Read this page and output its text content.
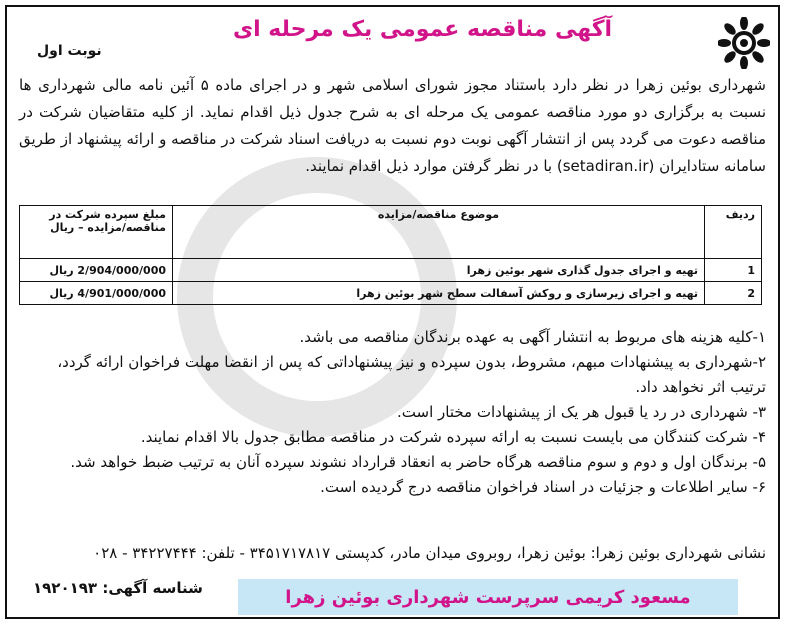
آگهی مناقصه عمومی یک مرحله ای
نوبت اول
شهرداری بوئین زهرا در نظر دارد باستناد مجوز شورای اسلامی شهر و در اجرای ماده ۵ آئین نامه مالی شهرداری ها نسبت به برگزاری دو مورد مناقصه عمومی یک مرحله ای به شرح جدول ذیل اقدام نماید. از کلیه متقاضیان شرکت در مناقصه دعوت می گردد پس از انتشار آگهی نوبت دوم نسبت به دریافت اسناد شرکت در مناقصه و ارائه پیشنهاد از طریق سامانه ستادایران (setadiran.ir) با در نظر گرفتن موارد ذیل اقدام نمایند.
ردیف	موضوع مناقصه/مزایده	مبلغ سپرده شرکت در مناقصه/مزایده – ریال
1	تهیه و اجرای جدول گذاری شهر بوئین زهرا	2/904/000/000 ریال
2	تهیه و اجرای زیرسازی و روکش آسفالت سطح شهر بوئین زهرا	4/901/000/000 ریال
۱-کلیه هزینه های مربوط به انتشار آگهی به عهده برندگان مناقصه می باشد.
۲-شهرداری به پیشنهادات مبهم، مشروط، بدون سپرده و نیز پیشنهاداتی که پس از انقضا مهلت فراخوان ارائه گردد، ترتیب اثر نخواهد داد.
۳- شهرداری در رد یا قبول هر یک از پیشنهادات مختار است.
۴- شرکت کنندگان می بایست نسبت به ارائه سپرده شرکت در مناقصه مطابق جدول بالا اقدام نمایند.
۵- برندگان اول و دوم و سوم مناقصه هرگاه حاضر به انعقاد قرارداد نشوند سپرده آنان به ترتیب ضبط خواهد شد.
۶- سایر اطلاعات و جزئیات در اسناد فراخوان مناقصه درج گردیده است.
نشانی شهرداری بوئین زهرا: بوئین زهرا، روبروی میدان مادر، کدپستی ۳۴۵۱۷۱۷۸۱۷ - تلفن: ۳۴۲۲۷۴۴۴ - ۰۲۸
مسعود کریمی سرپرست شهرداری بوئین زهرا
شناسه آگهی: ۱۹۲۰۱۹۳
